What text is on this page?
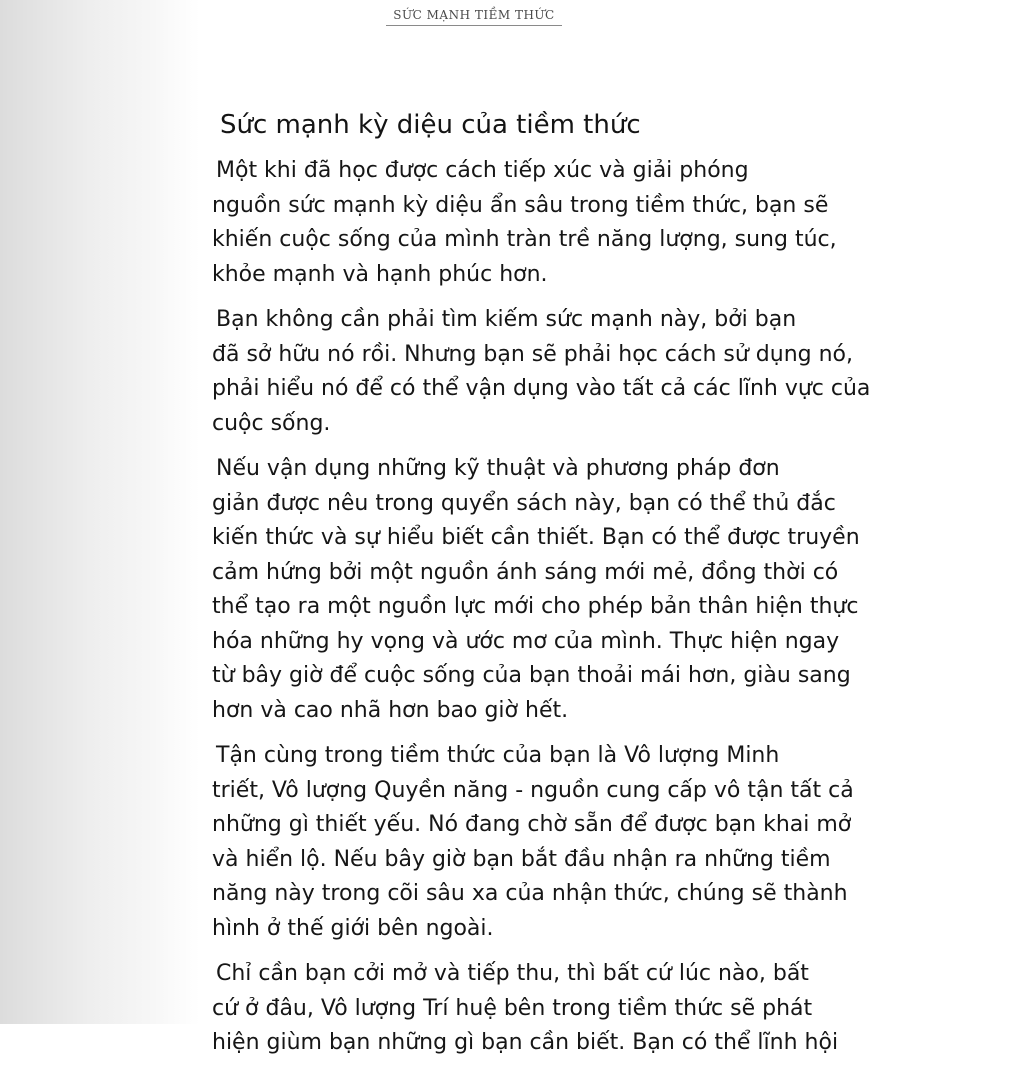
SỨC MẠNH TIỀM THỨC
Sức mạnh kỳ diệu của tiềm thức

Một khi đã học được cách tiếp xúc và giải phóng
nguồn sức mạnh kỳ diệu ẩn sâu trong tiềm thức, bạn sẽ
khiến cuộc sống của mình tràn trề năng lượng, sung túc,
khỏe mạnh và hạnh phúc hơn.

Bạn không cần phải tìm kiếm sức mạnh này, bởi bạn
đã sở hữu nó rồi. Nhưng bạn sẽ phải học cách sử dụng nó,
phải hiểu nó để có thể vận dụng vào tất cả các lĩnh vực của
cuộc sống.

Nếu vận dụng những kỹ thuật và phương pháp đơn
giản được nêu trong quyển sách này, bạn có thể thủ đắc
kiến thức và sự hiểu biết cần thiết. Bạn có thể được truyền
cảm hứng bởi một nguồn ánh sáng mới mẻ, đồng thời có
thể tạo ra một nguồn lực mới cho phép bản thân hiện thực
hóa những hy vọng và ước mơ của mình. Thực hiện ngay
từ bây giờ để cuộc sống của bạn thoải mái hơn, giàu sang
hơn và cao nhã hơn bao giờ hết.

Tận cùng trong tiềm thức của bạn là Vô lượng Minh
triết, Vô lượng Quyền năng - nguồn cung cấp vô tận tất cả
những gì thiết yếu. Nó đang chờ sẵn để được bạn khai mở
và hiển lộ. Nếu bây giờ bạn bắt đầu nhận ra những tiềm
năng này trong cõi sâu xa của nhận thức, chúng sẽ thành
hình ở thế giới bên ngoài.

Chỉ cần bạn cởi mở và tiếp thu, thì bất cứ lúc nào, bất
cứ ở đâu, Vô lượng Trí huệ bên trong tiềm thức sẽ phát
hiện giùm bạn những gì bạn cần biết. Bạn có thể lĩnh hội
